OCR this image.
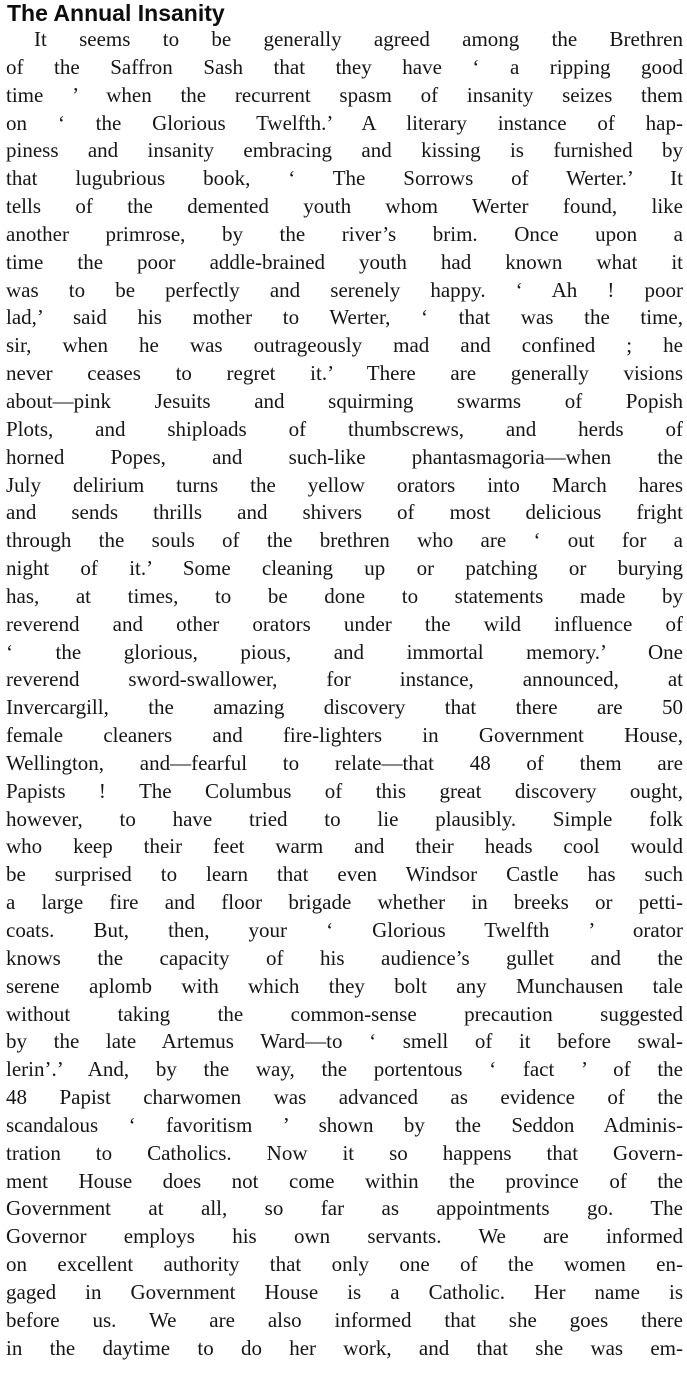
The Annual Insanity
It seems to be generally agreed among the Brethren
of the Saffron Sash that they have ‘ a ripping good
time ’ when the recurrent spasm of insanity seizes them
on ‘ the Glorious Twelfth.’ A literary instance of hap-
piness and insanity embracing and kissing is furnished by
that lugubrious book, ‘ The Sorrows of Werter.’ It
tells of the demented youth whom Werter found, like
another primrose, by the river’s brim. Once upon a
time the poor addle-brained youth had known what it
was to be perfectly and serenely happy. ‘ Ah ! poor
lad,’ said his mother to Werter, ‘ that was the time,
sir, when he was outrageously mad and confined ; he
never ceases to regret it.’ There are generally visions
about—pink Jesuits and squirming swarms of Popish
Plots, and shiploads of thumbscrews, and herds of
horned Popes, and such-like phantasmagoria—when the
July delirium turns the yellow orators into March hares
and sends thrills and shivers of most delicious fright
through the souls of the brethren who are ‘ out for a
night of it.’ Some cleaning up or patching or burying
has, at times, to be done to statements made by
reverend and other orators under the wild influence of
‘ the glorious, pious, and immortal memory.’ One
reverend sword-swallower, for instance, announced, at
Invercargill, the amazing discovery that there are 50
female cleaners and fire-lighters in Government House,
Wellington, and—fearful to relate—that 48 of them are
Papists ! The Columbus of this great discovery ought,
however, to have tried to lie plausibly. Simple folk
who keep their feet warm and their heads cool would
be surprised to learn that even Windsor Castle has such
a large fire and floor brigade whether in breeks or petti-
coats. But, then, your ‘ Glorious Twelfth ’ orator
knows the capacity of his audience’s gullet and the
serene aplomb with which they bolt any Munchausen tale
without taking the common-sense precaution suggested
by the late Artemus Ward—to ‘ smell of it before swal-
lerin’.’ And, by the way, the portentous ‘ fact ’ of the
48 Papist charwomen was advanced as evidence of the
scandalous ‘ favoritism ’ shown by the Seddon Adminis-
tration to Catholics. Now it so happens that Govern-
ment House does not come within the province of the
Government at all, so far as appointments go. The
Governor employs his own servants. We are informed
on excellent authority that only one of the women en-
gaged in Government House is a Catholic. Her name is
before us. We are also informed that she goes there
in the daytime to do her work, and that she was em-
